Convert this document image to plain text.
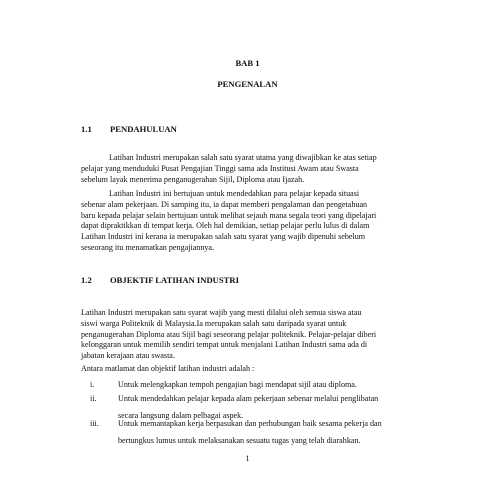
BAB 1
PENGENALAN
1.1 PENDAHULUAN
Latihan Industri merupakan salah satu syarat utama yang diwajibkan ke atas setiap
pelajar yang menduduki Pusat Pengajian Tinggi sama ada Institusi Awam atau Swasta
sebelum layak menerima penganugerahan Sijil, Diploma atau Ijazah.
Latihan Industri ini bertujuan untuk mendedahkan para pelajar kepada situasi
sebenar alam pekerjaan. Di samping itu, ia dapat memberi pengalaman dan pengetahuan
baru kepada pelajar selain bertujuan untuk melihat sejauh mana segala teori yang dipelajari
dapat dipraktikkan di tempat kerja. Oleh hal demikian, setiap pelajar perlu lulus di dalam
Latihan Industri ini kerana ia merupakan salah satu syarat yang wajib dipenuhi sebelum
seseorang itu menamatkan pengajiannya.
1.2 OBJEKTIF LATIHAN INDUSTRI
Latihan Industri merupakan satu syarat wajib yang mesti dilalui oleh semua siswa atau
siswi warga Politeknik di Malaysia.Ia merupakan salah satu daripada syarat untuk
penganugerahan Diploma atau Sijil bagi seseorang pelajar politeknik. Pelajar-pelajar diberi
kelonggaran untuk memilih sendiri tempat untuk menjalani Latihan Industri sama ada di
jabatan kerajaan atau swasta.
Antara matlamat dan objektif latihan industri adalah :
i.	Untuk melengkapkan tempoh pengajian bagi mendapat sijil atau diploma.
ii.	Untuk mendedahkan pelajar kepada alam pekerjaan sebenar melalui penglibatan
secara langsung dalam pelbagai aspek.
iii.	Untuk memantapkan kerja berpasukan dan perhubungan baik sesama pekerja dan
bertungkus lumus untuk melaksanakan sesuatu tugas yang telah diarahkan.
1
